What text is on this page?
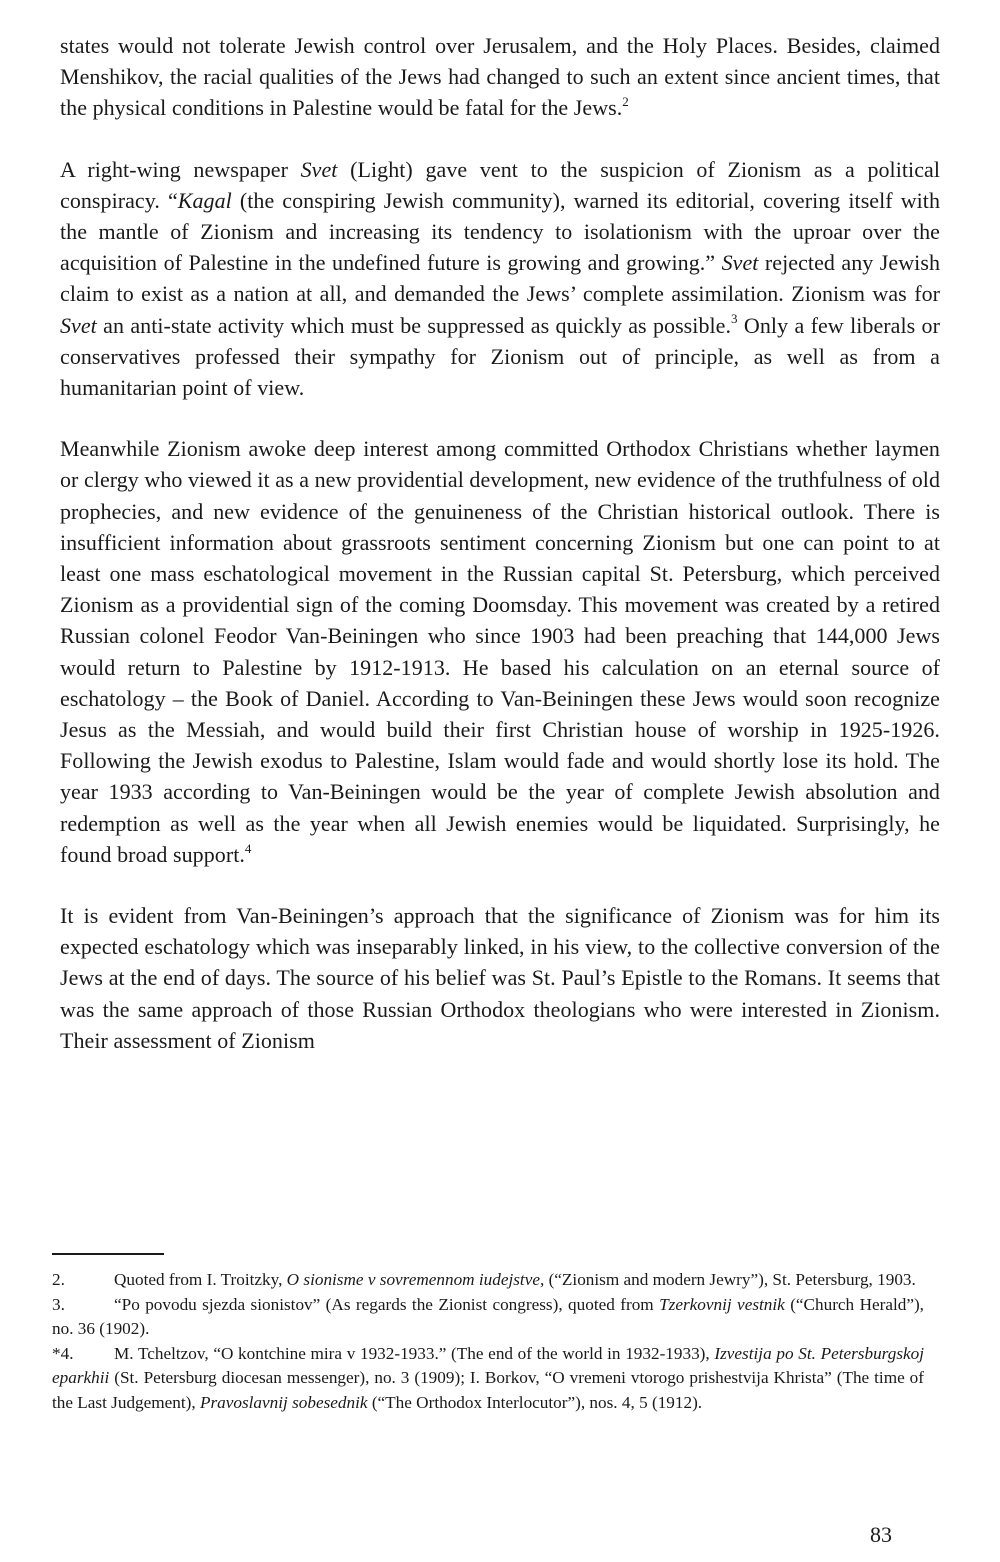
states would not tolerate Jewish control over Jerusalem, and the Holy Places. Besides, claimed Menshikov, the racial qualities of the Jews had changed to such an extent since ancient times, that the physical conditions in Palestine would be fatal for the Jews.$^2$

A right-wing newspaper Svet (Light) gave vent to the suspicion of Zionism as a political conspiracy. “Kagal (the conspiring Jewish community), warned its editorial, covering itself with the mantle of Zionism and increasing its tendency to isolationism with the uproar over the acquisition of Palestine in the undefined future is growing and growing.” Svet rejected any Jewish claim to exist as a nation at all, and demanded the Jews’ complete assimilation. Zionism was for Svet an anti-state activity which must be suppressed as quickly as possible.$^3$ Only a few liberals or conservatives professed their sympathy for Zionism out of principle, as well as from a humanitarian point of view.

Meanwhile Zionism awoke deep interest among committed Orthodox Christians whether laymen or clergy who viewed it as a new providential development, new evidence of the truthfulness of old prophecies, and new evidence of the genuineness of the Christian historical outlook. There is insufficient information about grassroots sentiment concerning Zionism but one can point to at least one mass eschatological movement in the Russian capital St. Petersburg, which perceived Zionism as a providential sign of the coming Doomsday. This movement was created by a retired Russian colonel Feodor Van-Beiningen who since 1903 had been preaching that 144,000 Jews would return to Palestine by 1912-1913. He based his calculation on an eternal source of eschatology – the Book of Daniel. According to Van-Beiningen these Jews would soon recognize Jesus as the Messiah, and would build their first Christian house of worship in 1925-1926. Following the Jewish exodus to Palestine, Islam would fade and would shortly lose its hold. The year 1933 according to Van-Beiningen would be the year of complete Jewish absolution and redemption as well as the year when all Jewish enemies would be liquidated. Surprisingly, he found broad support.$^4$

It is evident from Van-Beiningen’s approach that the significance of Zionism was for him its expected eschatology which was inseparably linked, in his view, to the collective conversion of the Jews at the end of days. The source of his belief was St. Paul’s Epistle to the Romans. It seems that was the same approach of those Russian Orthodox theologians who were interested in Zionism. Their assessment of Zionism

2.	Quoted from I. Troitzky, O sionisme v sovremennom iudejstve, (“Zionism and modern Jewry”), St. Petersburg, 1903.

3.	“Po povodu sjezda sionistov” (As regards the Zionist congress), quoted from Tzerkovnij vestnik (“Church Herald”), no. 36 (1902).

*4. M. Tcheltzov, “O kontchine mira v 1932-1933.” (The end of the world in 1932-1933), Izvestija po St. Petersburgskoj eparkhii (St. Petersburg diocesan messenger), no. 3 (1909); I. Borkov, “O vremeni vtorogo prishestvija Khrista” (The time of the Last Judgement), Pravoslavnij sobesednik (“The Orthodox Interlocutor”), nos. 4, 5 (1912).

83
